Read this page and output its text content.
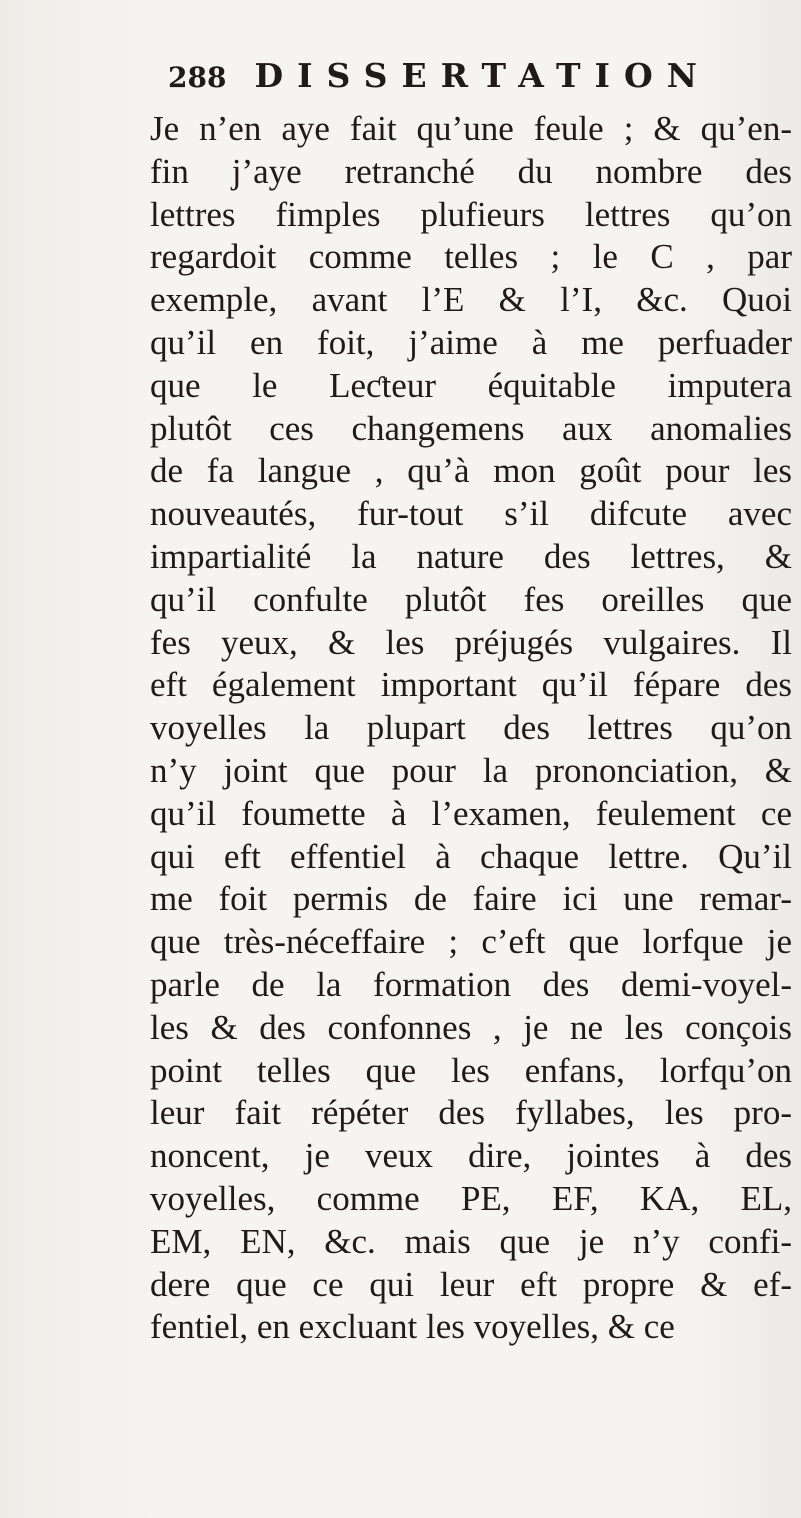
288 DISSERTATION
Je n’en aye fait qu’une feule ; & qu’en-
fin j’aye retranché du nombre des
lettres fimples plufieurs lettres qu’on
regardoit comme telles ; le C , par
exemple, avant l’E & l’I, &c. Quoi
qu’il en foit, j’aime à me perfuader
que le Leƈteur équitable imputera
plutôt ces changemens aux anomalies
de fa langue , qu’à mon goût pour les
nouveautés, fur-tout s’il difcute avec
impartialité la nature des lettres, &
qu’il confulte plutôt fes oreilles que
fes yeux, & les préjugés vulgaires. Il
eft également important qu’il fépare des
voyelles la plupart des lettres qu’on
n’y joint que pour la prononciation, &
qu’il foumette à l’examen, feulement ce
qui eft effentiel à chaque lettre. Qu’il
me foit permis de faire ici une remar-
que très-néceffaire ; c’eft que lorfque je
parle de la formation des demi-voyel-
les & des confonnes , je ne les conçois
point telles que les enfans, lorfqu’on
leur fait répéter des fyllabes, les pro-
noncent, je veux dire, jointes à des
voyelles, comme PE, EF, KA, EL,
EM, EN, &c. mais que je n’y confi-
dere que ce qui leur eft propre & ef-
fentiel, en excluant les voyelles, & ce
